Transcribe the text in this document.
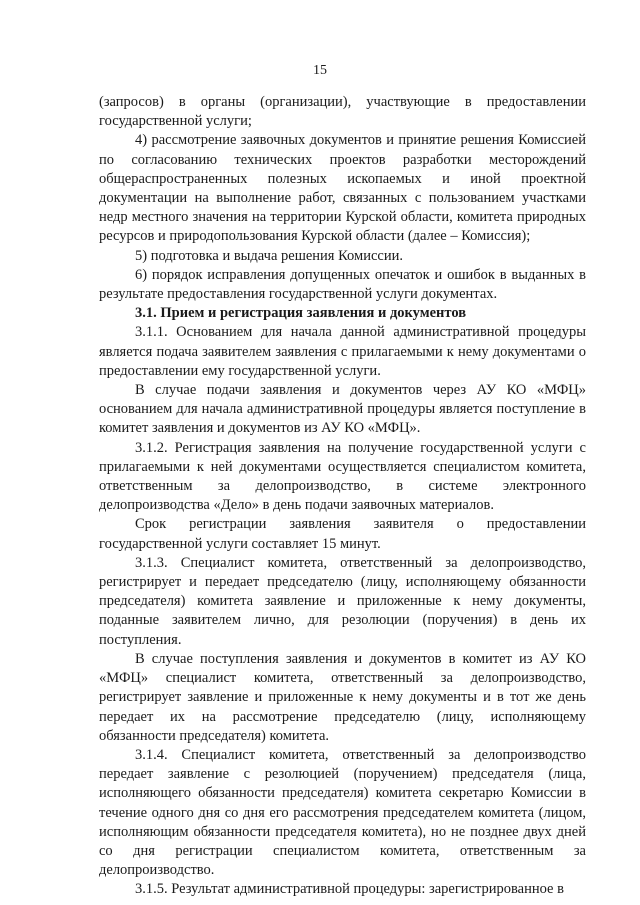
15

(запросов) в органы (организации), участвующие в предоставлении государственной услуги;

4) рассмотрение заявочных документов и принятие решения Комиссией по согласованию технических проектов разработки месторождений общераспространенных полезных ископаемых и иной проектной документации на выполнение работ, связанных с пользованием участками недр местного значения на территории Курской области, комитета природных ресурсов и природопользования Курской области (далее – Комиссия);

5) подготовка и выдача решения Комиссии.

6) порядок исправления допущенных опечаток и ошибок в выданных в результате предоставления государственной услуги документах.

3.1. Прием и регистрация заявления и документов

3.1.1. Основанием для начала данной административной процедуры является подача заявителем заявления с прилагаемыми к нему документами о предоставлении ему государственной услуги.

В случае подачи заявления и документов через АУ КО «МФЦ» основанием для начала административной процедуры является поступление в комитет заявления и документов из АУ КО «МФЦ».

3.1.2. Регистрация заявления на получение государственной услуги с прилагаемыми к ней документами осуществляется специалистом комитета, ответственным за делопроизводство, в системе электронного делопроизводства «Дело» в день подачи заявочных материалов.

Срок регистрации заявления заявителя о предоставлении государственной услуги составляет 15 минут.

3.1.3. Специалист комитета, ответственный за делопроизводство, регистрирует и передает председателю (лицу, исполняющему обязанности председателя) комитета заявление и приложенные к нему документы, поданные заявителем лично, для резолюции (поручения) в день их поступления.

В случае поступления заявления и документов в комитет из АУ КО «МФЦ» специалист комитета, ответственный за делопроизводство, регистрирует заявление и приложенные к нему документы и в тот же день передает их на рассмотрение председателю (лицу, исполняющему обязанности председателя) комитета.

3.1.4. Специалист комитета, ответственный за делопроизводство передает заявление с резолюцией (поручением) председателя (лица, исполняющего обязанности председателя) комитета секретарю Комиссии в течение одного дня со дня его рассмотрения председателем комитета (лицом, исполняющим обязанности председателя комитета), но не позднее двух дней со дня регистрации специалистом комитета, ответственным за делопроизводство.

3.1.5. Результат административной процедуры: зарегистрированное в
